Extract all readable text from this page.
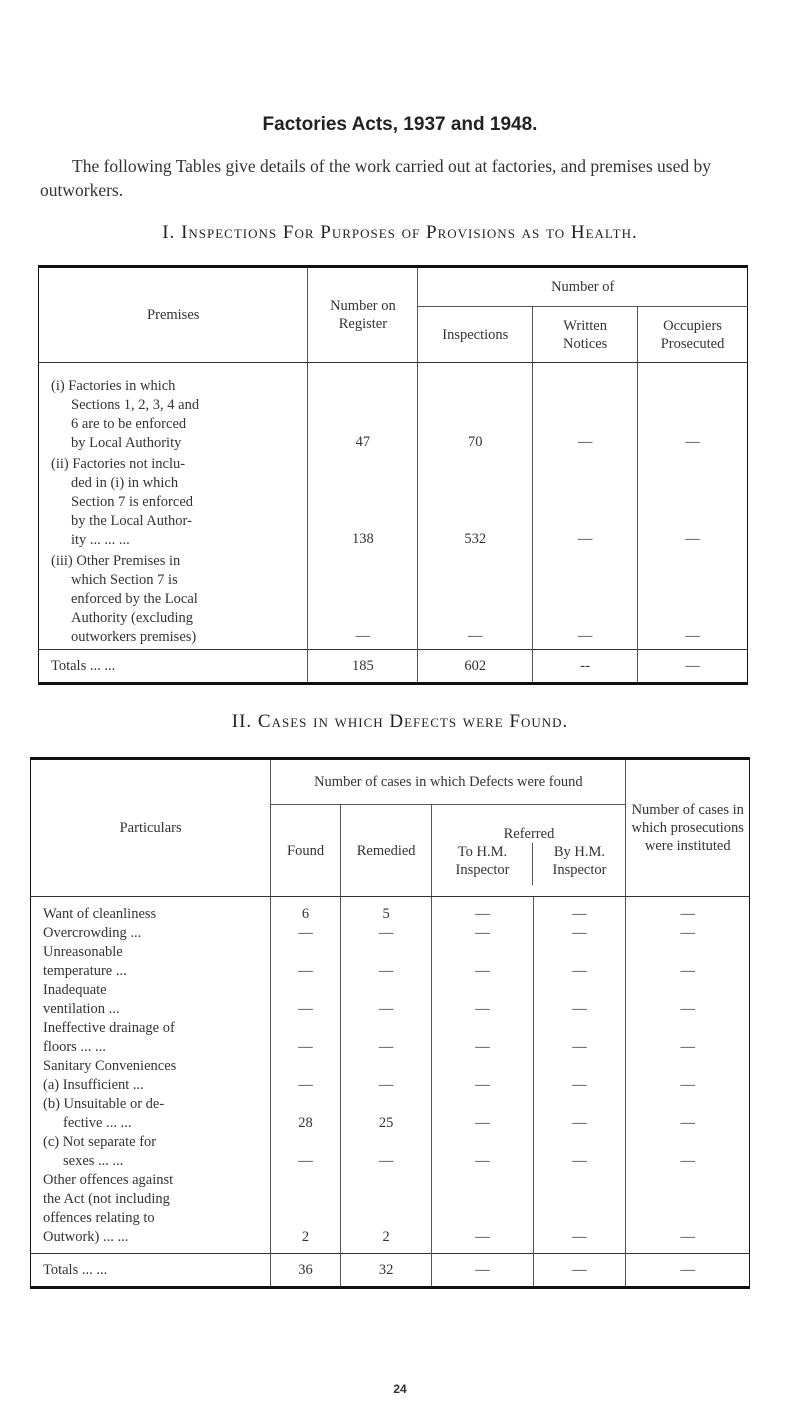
Factories Acts, 1937 and 1948.
The following Tables give details of the work carried out at factories, and premises used by outworkers.
I. Inspections For Purposes of Provisions as to Health.
Premises	Number on Register	Number of		
		Inspections	Written Notices	Occupiers Prosecuted

(i) Factories in which
Sections 1, 2, 3, 4 and
6 are to be enforced
by Local Authority	47	70	—	—

(ii) Factories not inclu-
ded in (i) in which
Section 7 is enforced
by the Local Author-
ity ... ... ...	138	532	—	—

(iii) Other Premises in
which Section 7 is
enforced by the Local
Authority (excluding
outworkers premises)	—	—	—	—
Totals ... ...	185	602	--	—
II. Cases in which Defects were Found.
Particulars	Number of cases in which Defects were found				Number of cases in which prosecutions were instituted
	Found	Remedied	Referred
To H.M. Inspector
By H.M. Inspector		

Want of cleanliness	6	5	—	—	—

Overcrowding ...	—	—	—	—	—

Unreasonable
temperature ...	—	—	—	—	—

Inadequate
ventilation ...	—	—	—	—	—

Ineffective drainage of
floors ... ...	—	—	—	—	—

Sanitary Conveniences					

(a) Insufficient ...	—	—	—	—	—

(b) Unsuitable or de-
fective ... ...	28	25	—	—	—

(c) Not separate for
sexes ... ...	—	—	—	—	—

Other offences against
the Act (not including
offences relating to
Outwork) ... ...	2	2	—	—	—
Totals ... ...	36	32	—	—	—
24
